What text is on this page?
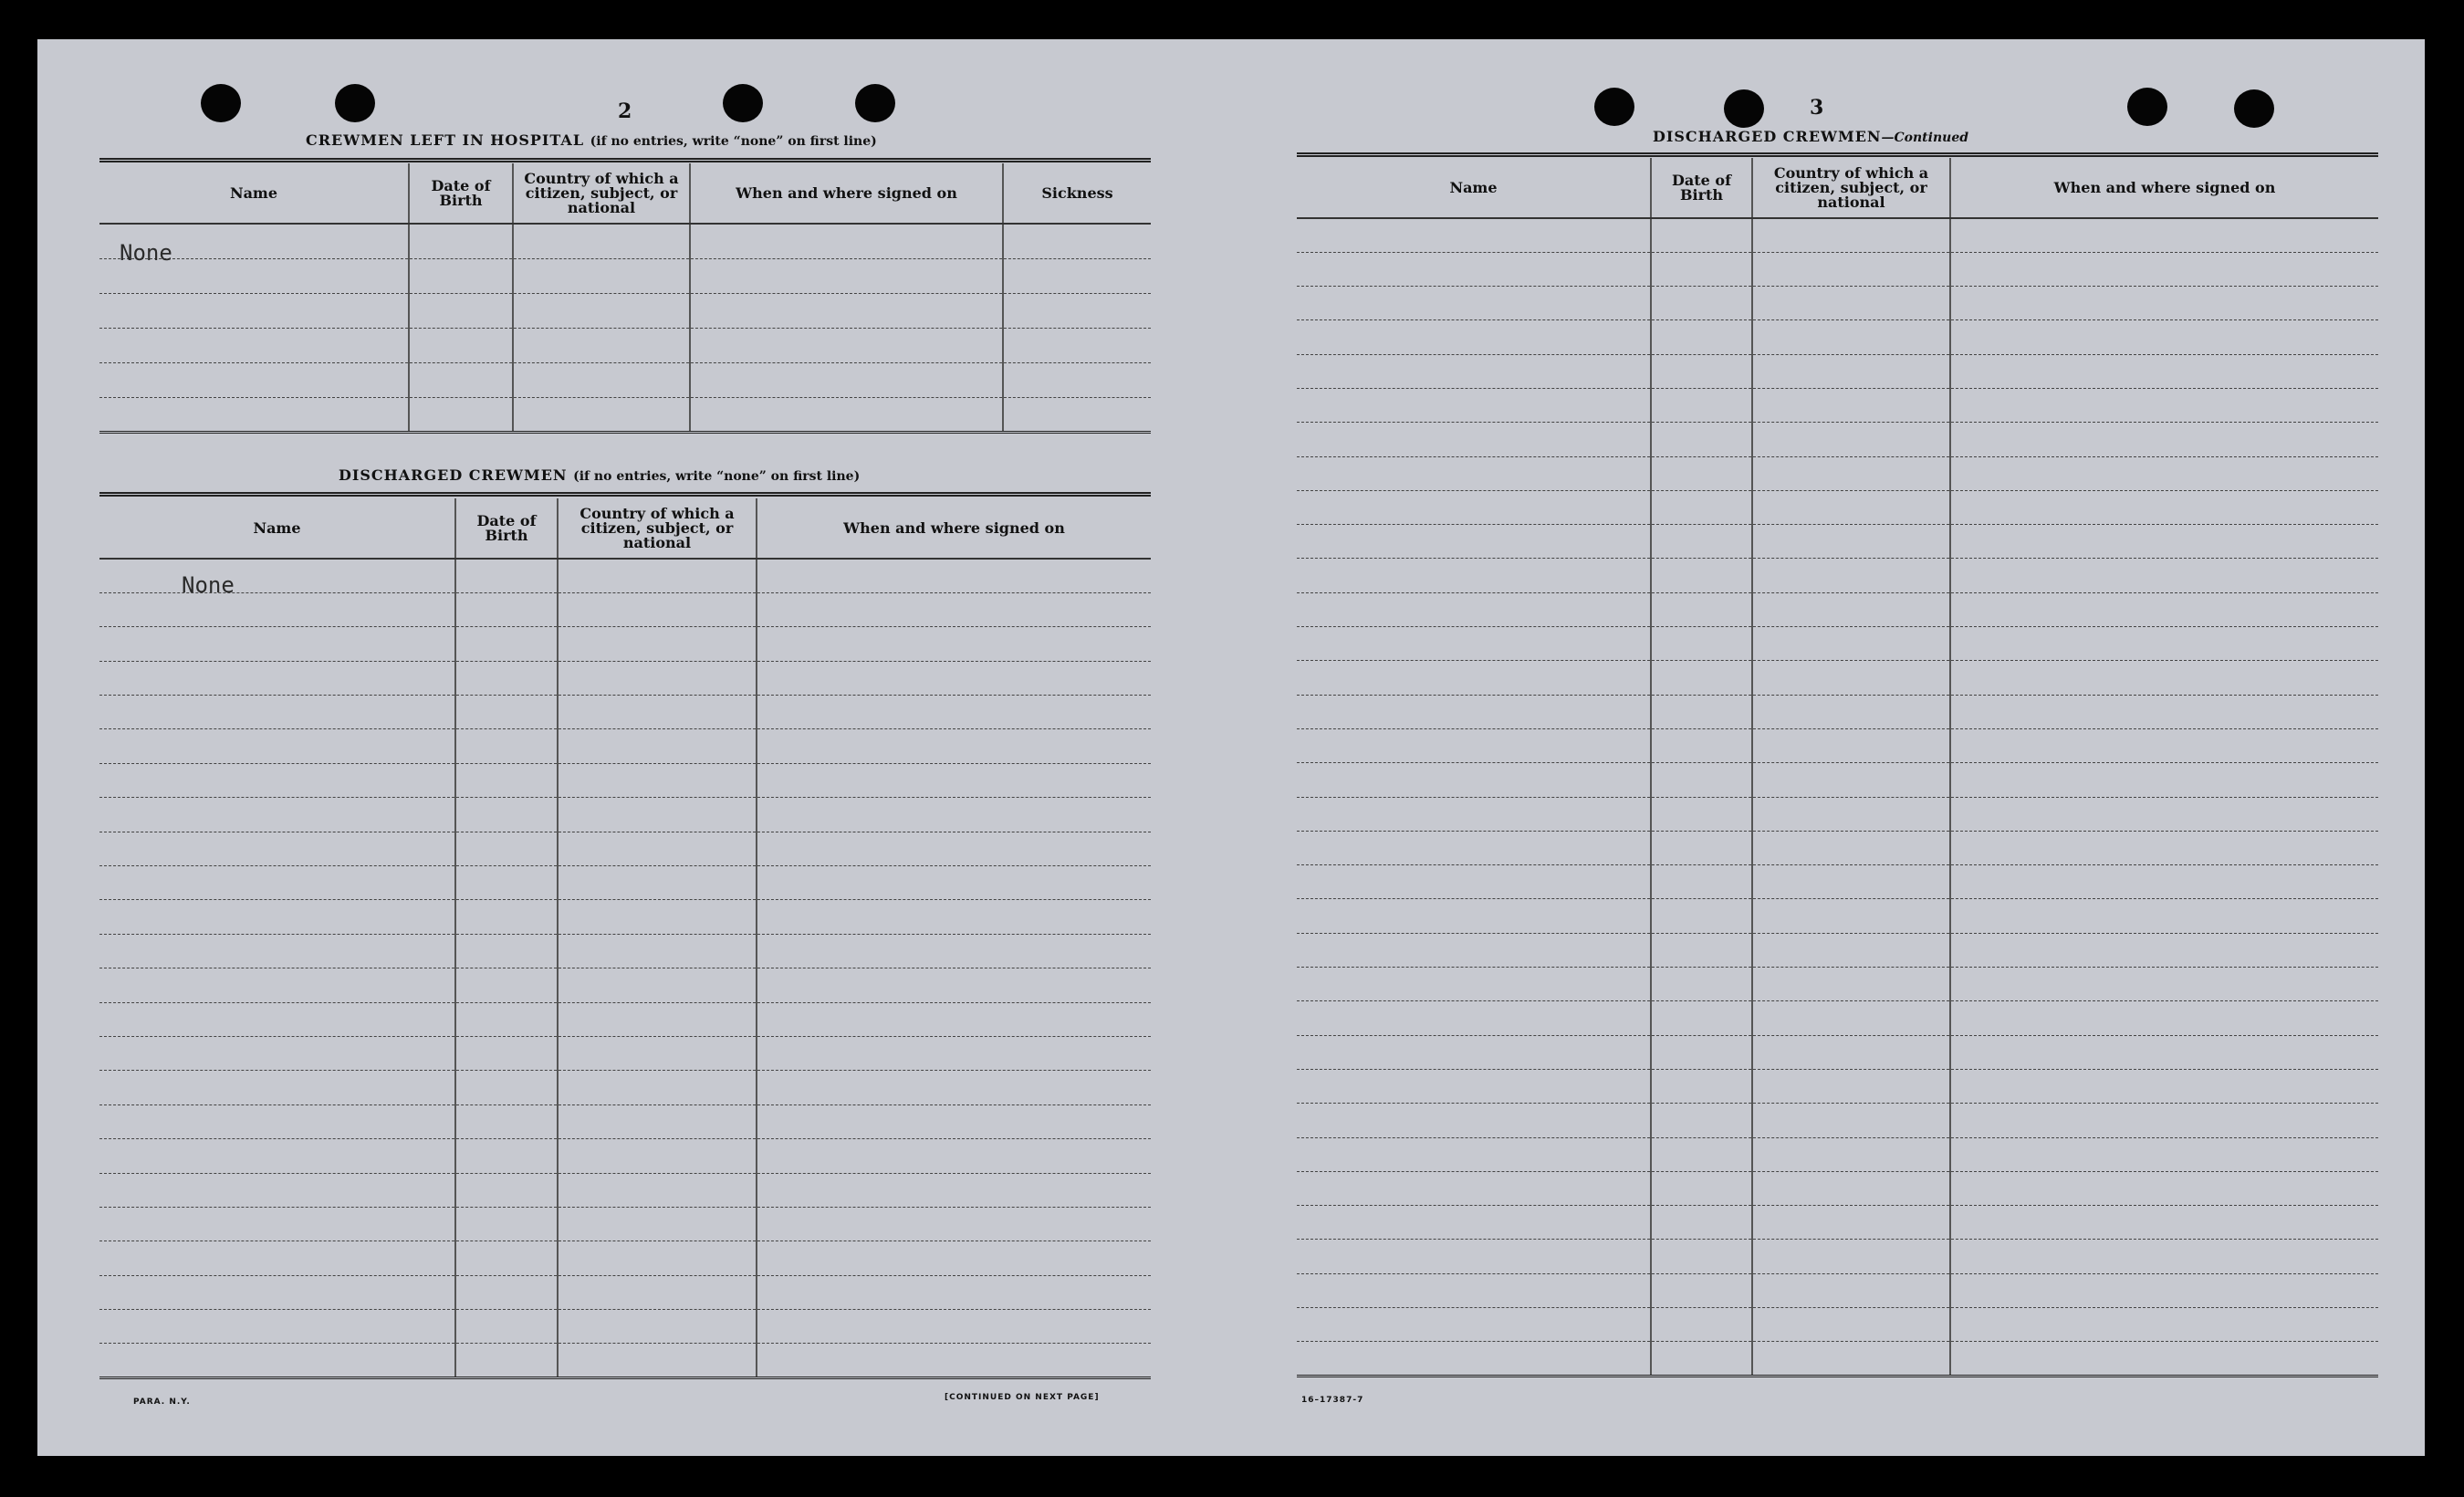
2
CREWMEN LEFT IN HOSPITAL (if no entries, write “none” on first line)
Name	Date of Birth	Country of which a citizen, subject, or national	When and where signed on	Sickness

None
DISCHARGED CREWMEN (if no entries, write “none” on first line)
Name	Date of Birth	Country of which a citizen, subject, or national	When and where signed on

None
PARA. N.Y.	[CONTINUED ON NEXT PAGE]
3
DISCHARGED CREWMEN—Continued
Name	Date of Birth	Country of which a citizen, subject, or national	When and where signed on

16–17387-7
